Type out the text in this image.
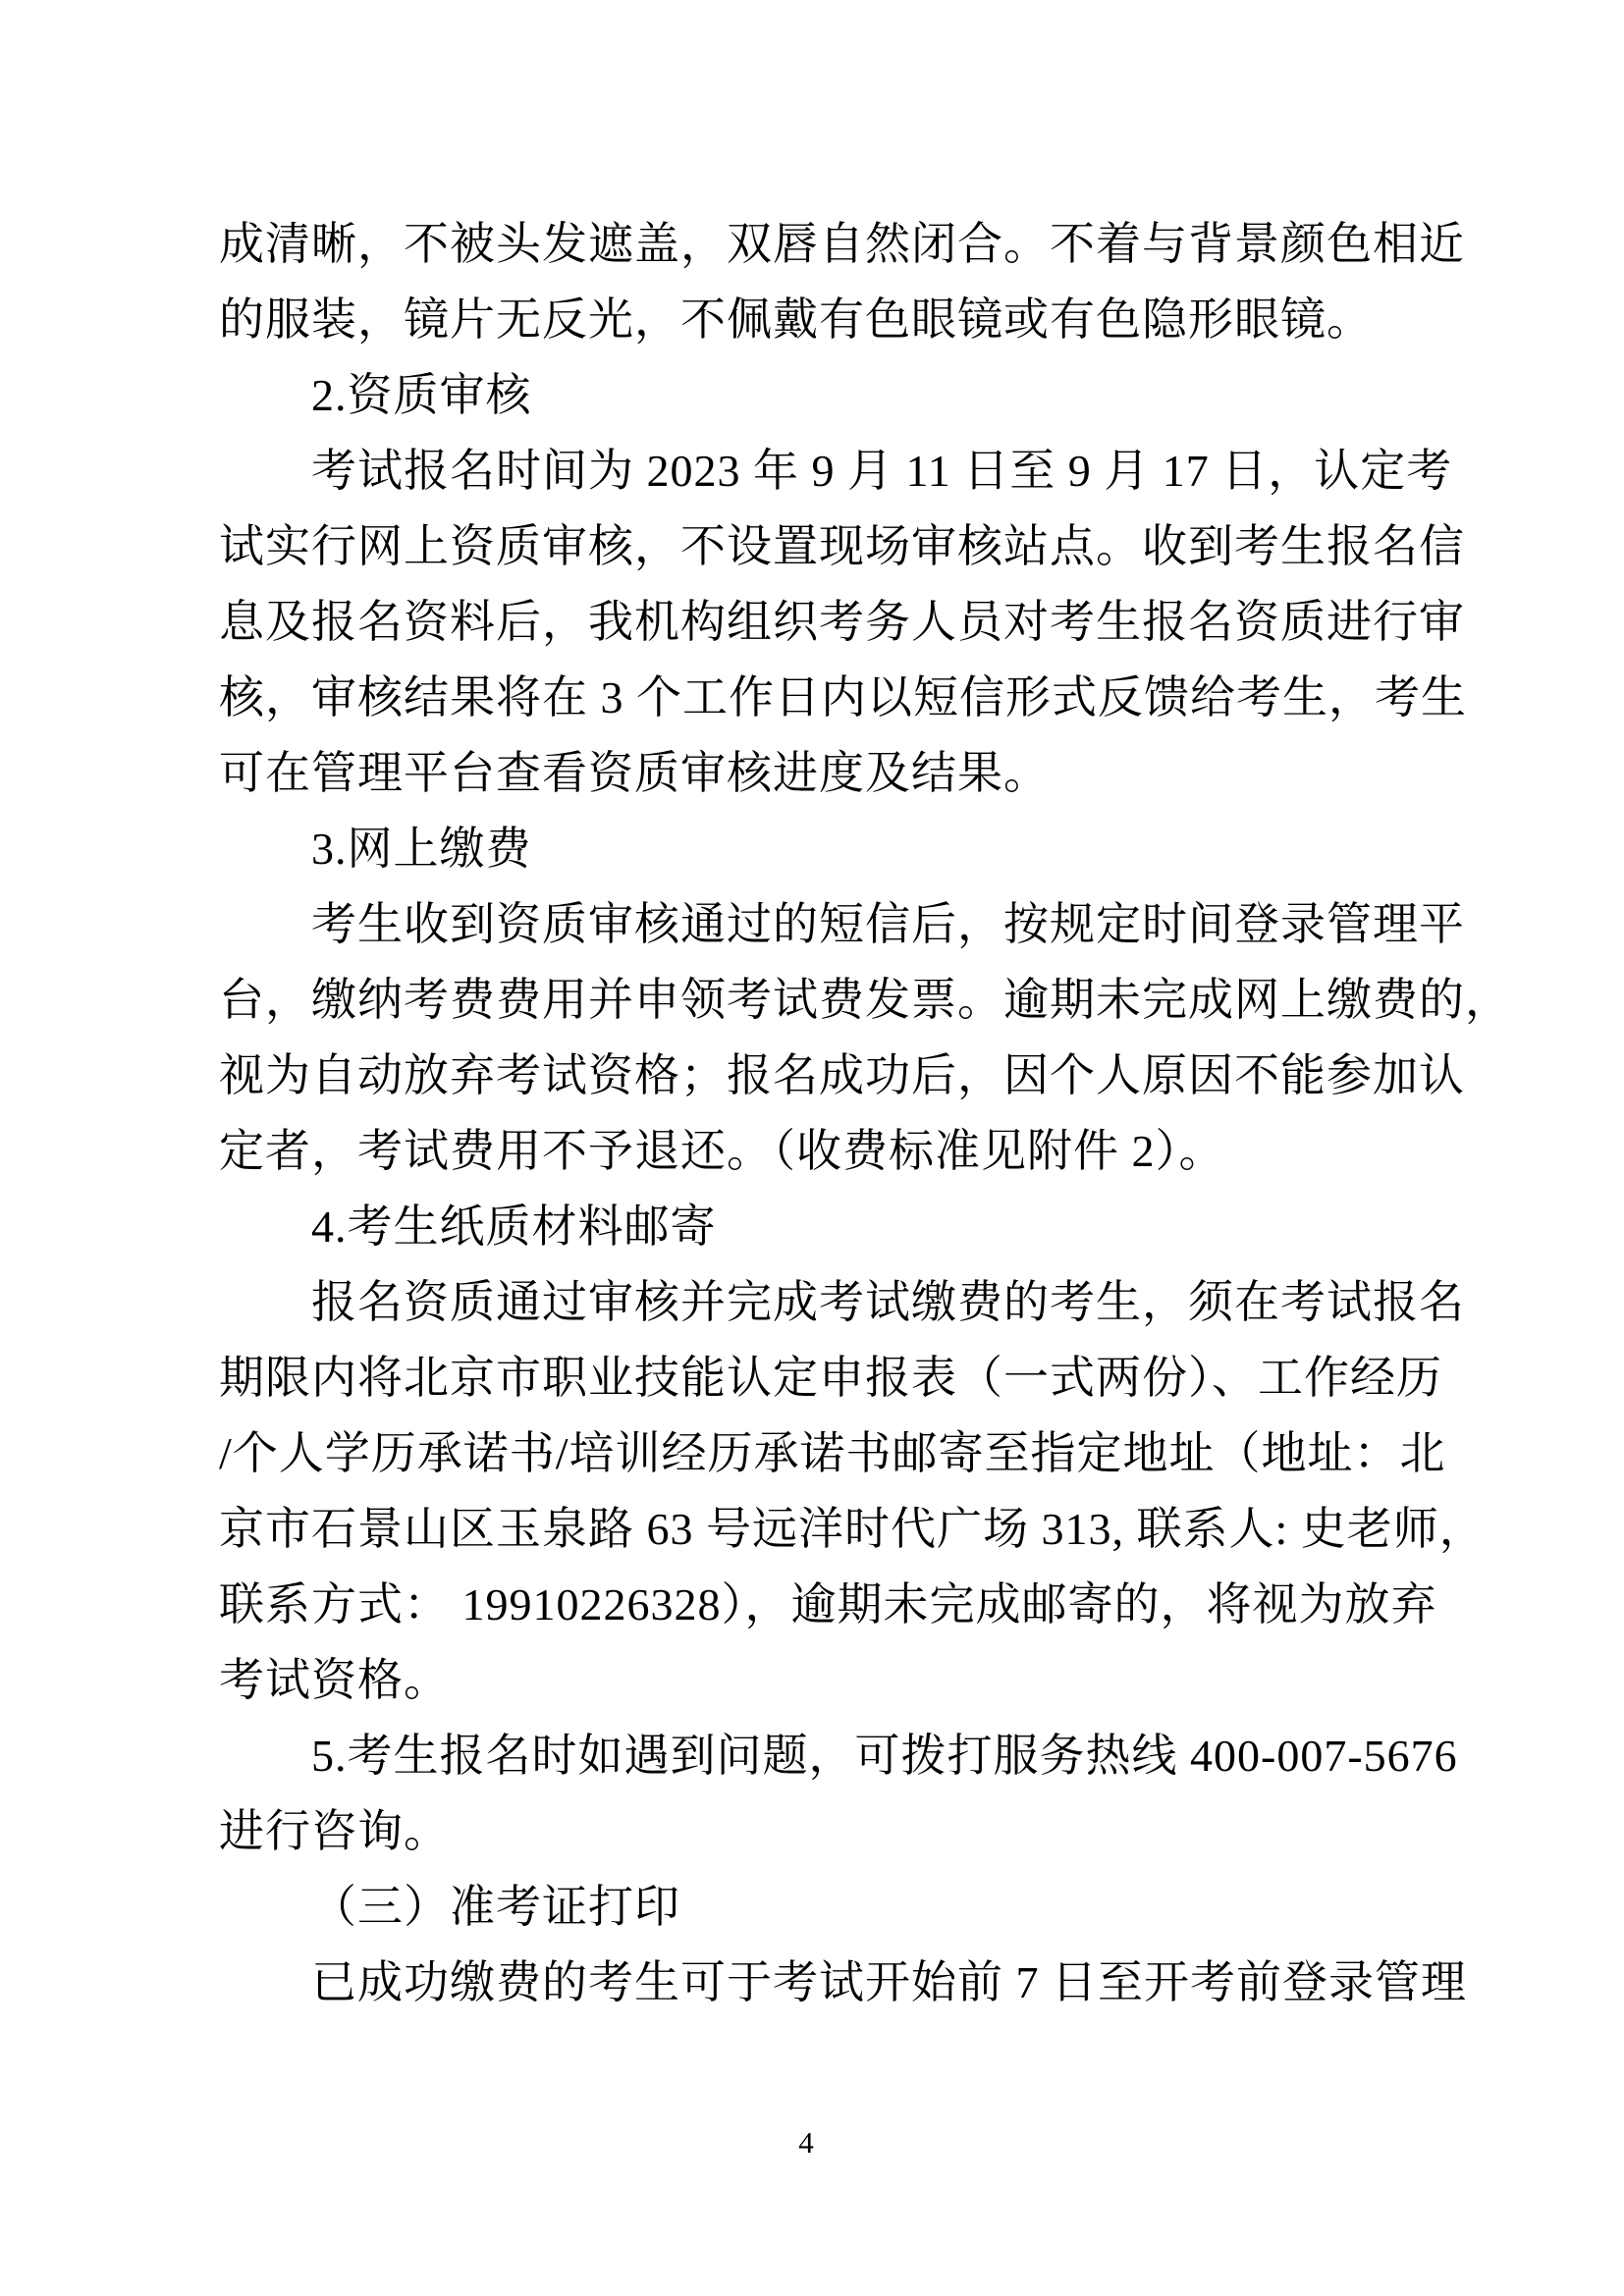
成清晰，不被头发遮盖，双唇自然闭合。不着与背景颜色相近
的服装，镜片无反光，不佩戴有色眼镜或有色隐形眼镜。
2.资质审核
考试报名时间为 2023 年 9 月 11 日至 9 月 17 日，认定考
试实行网上资质审核，不设置现场审核站点。收到考生报名信
息及报名资料后，我机构组织考务人员对考生报名资质进行审
核，审核结果将在 3 个工作日内以短信形式反馈给考生，考生
可在管理平台查看资质审核进度及结果。
3.网上缴费
考生收到资质审核通过的短信后，按规定时间登录管理平
台，缴纳考费费用并申领考试费发票。逾期未完成网上缴费的，
视为自动放弃考试资格；报名成功后，因个人原因不能参加认
定者，考试费用不予退还。（收费标准见附件 2）。
4.考生纸质材料邮寄
报名资质通过审核并完成考试缴费的考生，须在考试报名
期限内将北京市职业技能认定申报表（一式两份）、工作经历
/个人学历承诺书/培训经历承诺书邮寄至指定地址（地址：北
京市石景山区玉泉路 63 号远洋时代广场 313, 联系人: 史老师，
联系方式： 19910226328），逾期未完成邮寄的，将视为放弃
考试资格。
5.考生报名时如遇到问题，可拨打服务热线 400-007-5676
进行咨询。
（三）准考证打印
已成功缴费的考生可于考试开始前 7 日至开考前登录管理
4
